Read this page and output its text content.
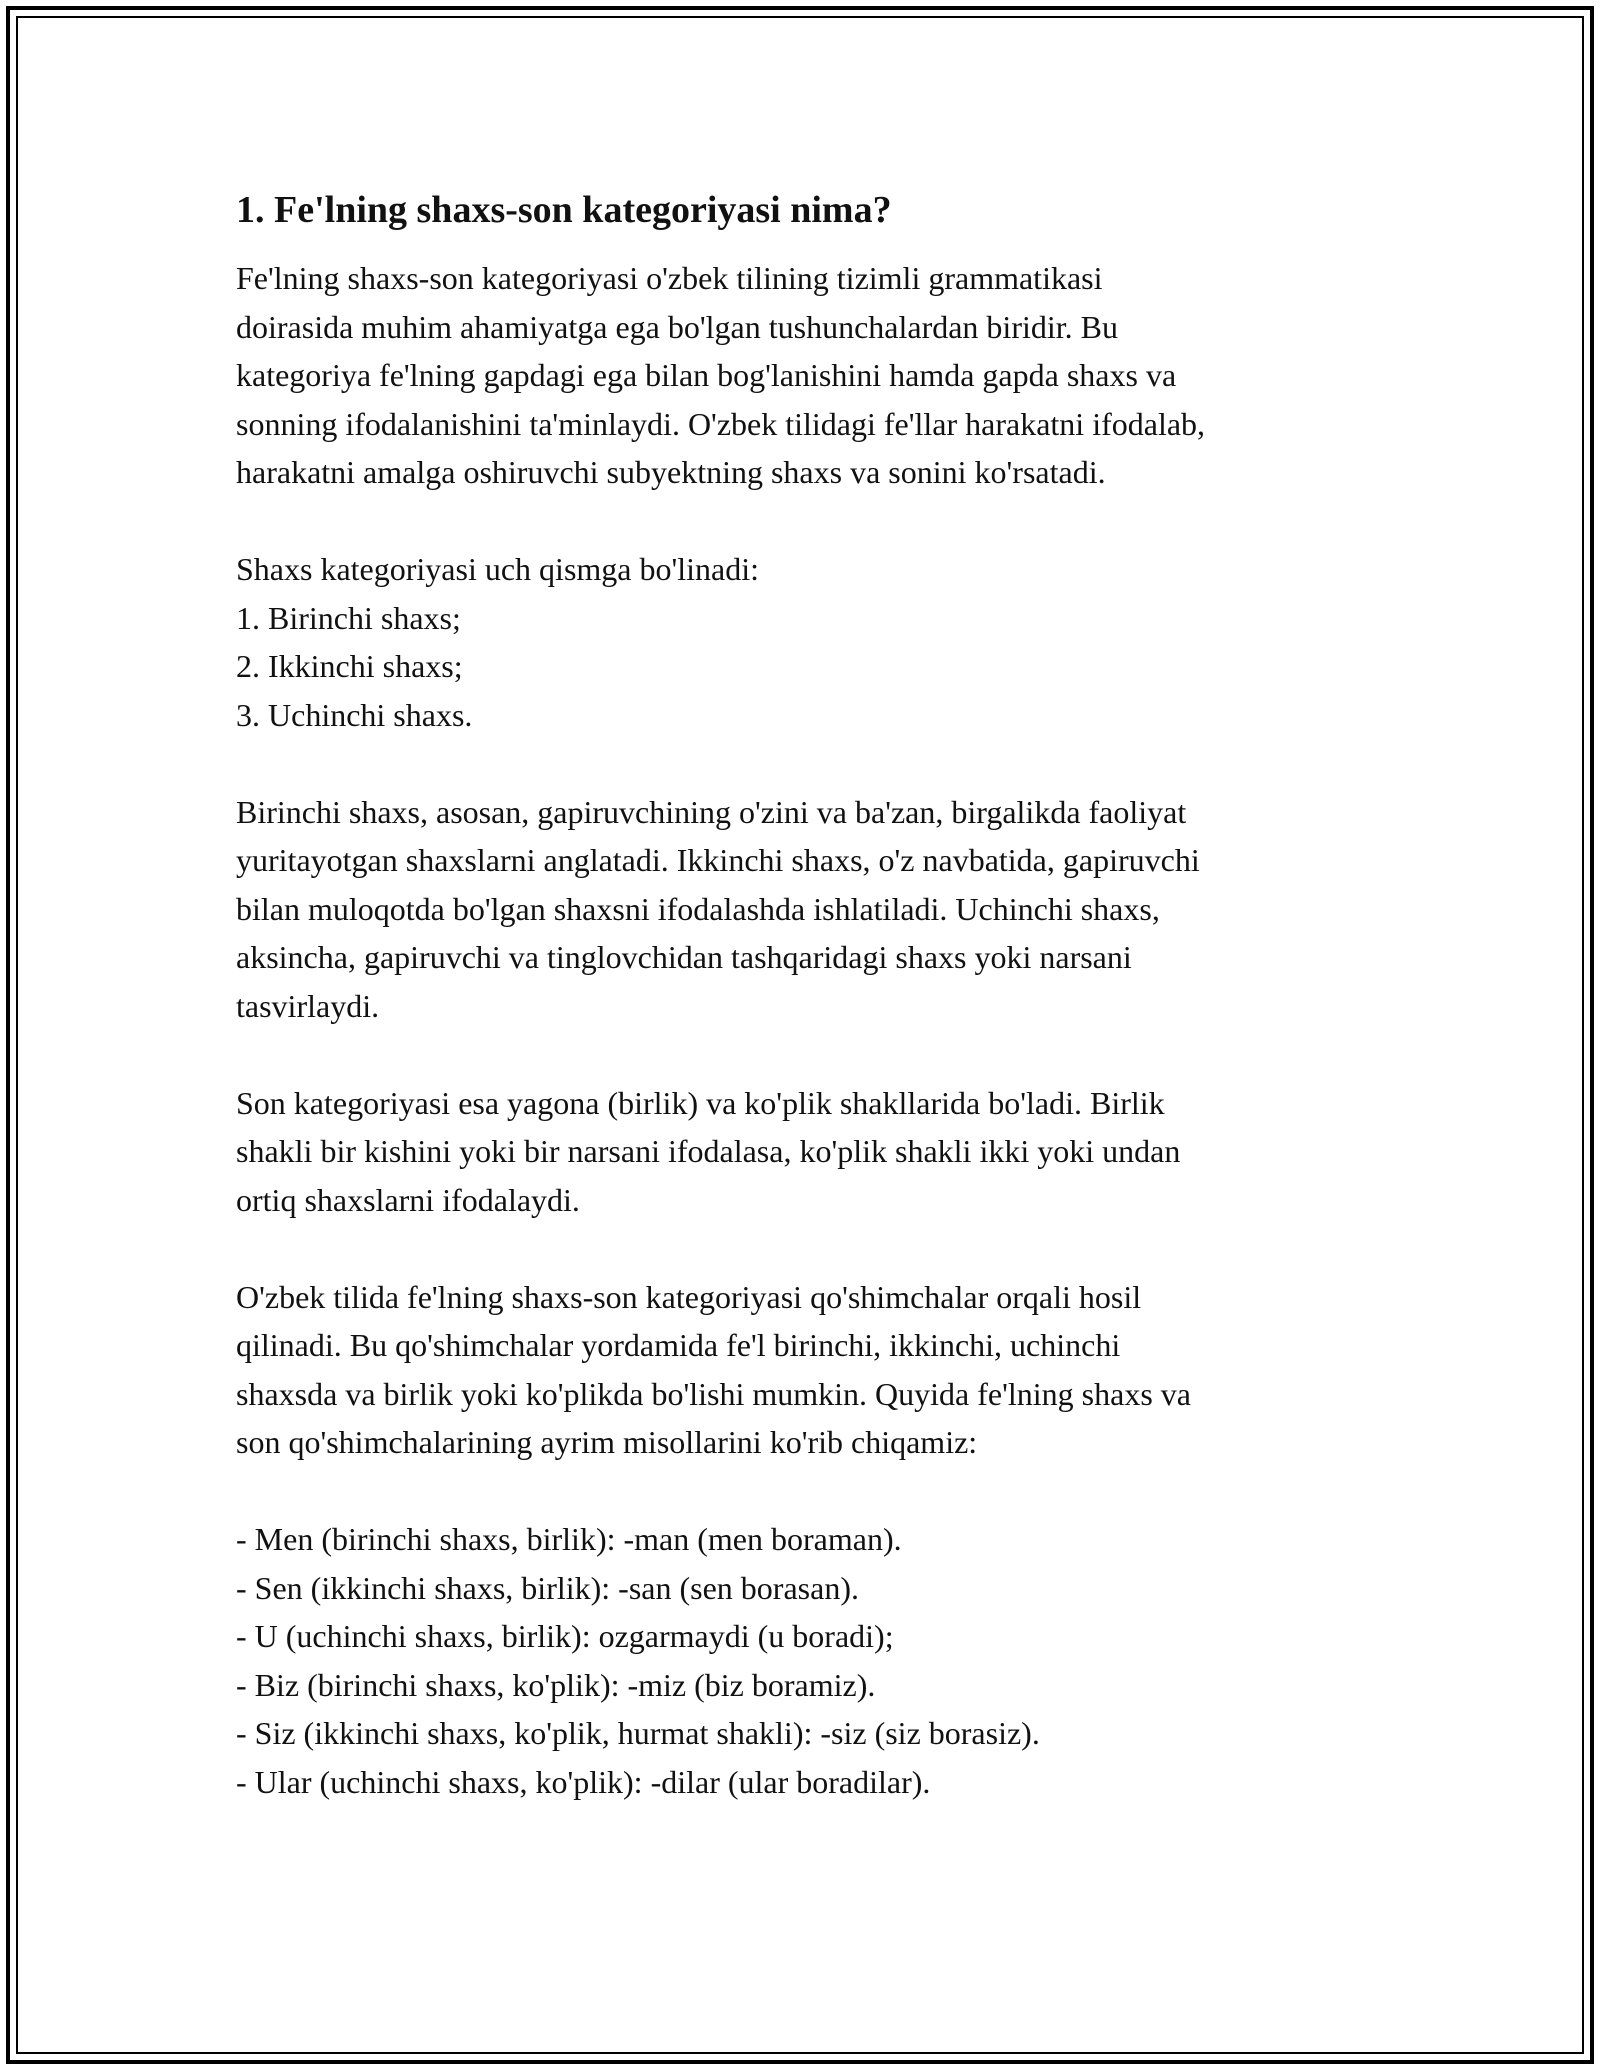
1. Fe'lning shaxs-son kategoriyasi nima?

Fe'lning shaxs-son kategoriyasi o'zbek tilining tizimli grammatikasi
doirasida muhim ahamiyatga ega bo'lgan tushunchalardan biridir. Bu
kategoriya fe'lning gapdagi ega bilan bog'lanishini hamda gapda shaxs va
sonning ifodalanishini ta'minlaydi. O'zbek tilidagi fe'llar harakatni ifodalab,
harakatni amalga oshiruvchi subyektning shaxs va sonini ko'rsatadi.

Shaxs kategoriyasi uch qismga bo'linadi:
1. Birinchi shaxs;
2. Ikkinchi shaxs;
3. Uchinchi shaxs.

Birinchi shaxs, asosan, gapiruvchining o'zini va ba'zan, birgalikda faoliyat
yuritayotgan shaxslarni anglatadi. Ikkinchi shaxs, o'z navbatida, gapiruvchi
bilan muloqotda bo'lgan shaxsni ifodalashda ishlatiladi. Uchinchi shaxs,
aksincha, gapiruvchi va tinglovchidan tashqaridagi shaxs yoki narsani
tasvirlaydi.

Son kategoriyasi esa yagona (birlik) va ko'plik shakllarida bo'ladi. Birlik
shakli bir kishini yoki bir narsani ifodalasa, ko'plik shakli ikki yoki undan
ortiq shaxslarni ifodalaydi.

O'zbek tilida fe'lning shaxs-son kategoriyasi qo'shimchalar orqali hosil
qilinadi. Bu qo'shimchalar yordamida fe'l birinchi, ikkinchi, uchinchi
shaxsda va birlik yoki ko'plikda bo'lishi mumkin. Quyida fe'lning shaxs va
son qo'shimchalarining ayrim misollarini ko'rib chiqamiz:

- Men (birinchi shaxs, birlik): -man (men boraman).
- Sen (ikkinchi shaxs, birlik): -san (sen borasan).
- U (uchinchi shaxs, birlik): ozgarmaydi (u boradi);
- Biz (birinchi shaxs, ko'plik): -miz (biz boramiz).
- Siz (ikkinchi shaxs, ko'plik, hurmat shakli): -siz (siz borasiz).
- Ular (uchinchi shaxs, ko'plik): -dilar (ular boradilar).
